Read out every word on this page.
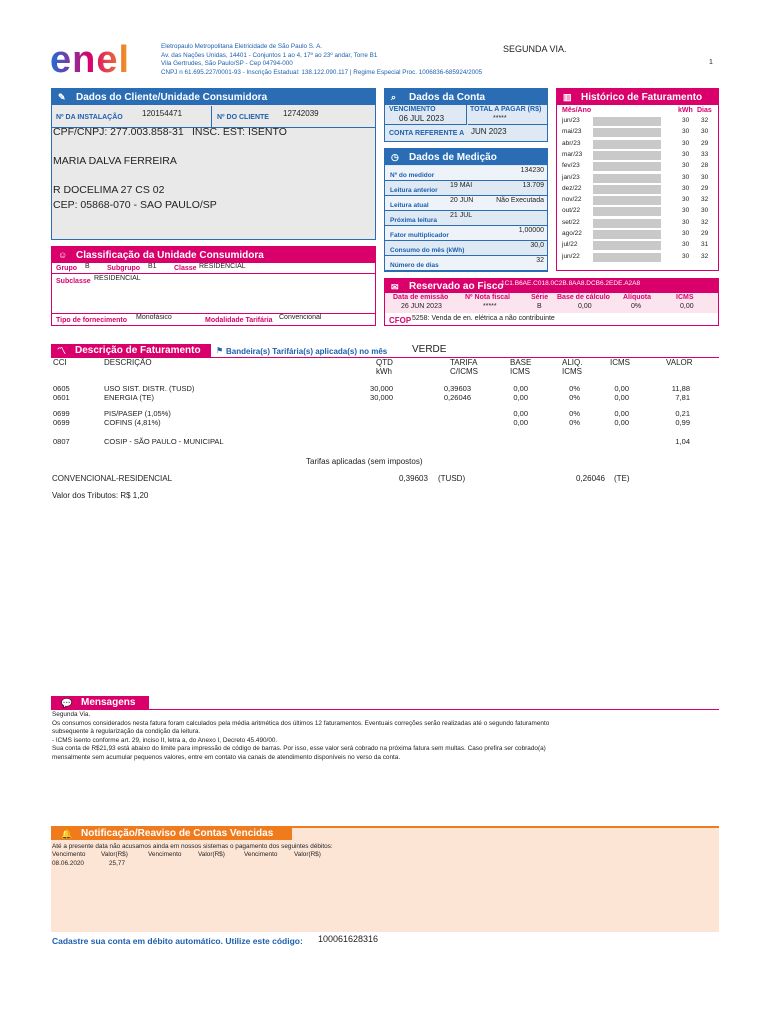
enel	Eletropaulo Metropolitana Eletricidade de São Paulo S. A.
Av. das Nações Unidas, 14401 - Conjuntos 1 ao 4, 17º ao 23º andar, Torre B1
Vila Gertrudes, São Paulo/SP - Cep 04794-000
CNPJ n 61.695.227/0001-93 - Inscrição Estadual: 138.122.090.117 | Regime Especial Proc. 1006836-685924/2005
SEGUNDA VIA.
1
✎ Dados do Cliente/Unidade Consumidora
Nº DA INSTALAÇÃO 120154471	Nº DO CLIENTE 12742039
CPF/CNPJ: 277.003.858-31 INSC. EST: ISENTO
MARIA DALVA FERREIRA
R DOCELIMA 27 CS 02
CEP: 05868-070 - SAO PAULO/SP
⌕	Dados da Conta
VENCIMENTO
06 JUL 2023
TOTAL A PAGAR (R$)
*****
CONTA REFERENTE A JUN 2023
◷ Dados de Medição
Nº do medidor
134230
Leitura anterior
19 MAI	13.709
Leitura atual
20 JUN	Não Executada
Próxima leitura
21 JUL
Fator multiplicador
1,00000
Consumo do mês (kWh)
30,0
Número de dias
32
▥ Histórico de Faturamento
Mês/Ano	kWh Dias
jun/23	30 32
mai/23	30 30
abr/23	30 29
mar/23	30 33
fev/23	30 28
jan/23	30 30
dez/22	30 29
nov/22	30 32
out/22	30 30
set/22	30 32
ago/22	30 29
jul/22	30 31
jun/22	30 32
☺ Classificação da Unidade Consumidora
Grupo B Subgrupo B1 Classe RESIDENCIAL
Subclasse RESIDENCIAL
Tipo de fornecimento Monofásico	Modalidade Tarifária Convencional
✉ Reservado ao Fisco
1C1.B6AE.C018.0C2B.8AA8.DCB6.2EDE.A2A8
Data de emissão Nº Nota fiscal	Série Base de cálculo Alíquota	ICMS
26 JUN 2023	*****	B	0,00	0%	0,00
CFOP 5258: Venda de en. elétrica a não contribuinte
〽 Descrição de Faturamento	⚑ Bandeira(s) Tarifária(s) aplicada(s) no mês VERDE
CCI	DESCRIÇÃO	QTD
kWh
TARIFA
C/ICMS
BASE
ICMS
ALIQ.
ICMS
ICMS	VALOR
0605	USO SIST. DISTR. (TUSD)	30,000	0,39603	0,00	0%	0,00	11,88
0601	ENERGIA (TE)	30,000	0,26046	0,00	0%	0,00	7,81
0699	PIS/PASEP (1,05%)	0,00	0%	0,00	0,21
0699	COFINS (4,81%)	0,00	0%	0,00	0,99
0807	COSIP - SÃO PAULO - MUNICIPAL	1,04
Tarifas aplicadas (sem impostos)
CONVENCIONAL-RESIDENCIAL	0,39603 (TUSD)	0,26046 (TE)
Valor dos Tributos: R$ 1,20
💬 Mensagens
Segunda Via.
Os consumos considerados nesta fatura foram calculados pela média aritmética dos últimos 12 faturamentos. Eventuais correções serão realizadas até o segundo faturamento
subsequente à regularização da condição da leitura.
- ICMS isento conforme art. 29, inciso II, letra a, do Anexo I, Decreto 45.490/00.
Sua conta de R$21,93 está abaixo do limite para impressão de código de barras. Por isso, esse valor será cobrado na próxima fatura sem multas. Caso prefira ser cobrado(a)
mensalmente sem acumular pequenos valores, entre em contato via canais de atendimento disponíveis no verso da conta.
🔔 Notificação/Reaviso de Contas Vencidas
Até a presente data não acusamos ainda em nossos sistemas o pagamento dos seguintes débitos:
Vencimento Valor(R$)	Vencimento	Valor(R$)	Vencimento	Valor(R$)
08.06.2020	25,77
Cadastre sua conta em débito automático. Utilize este código: 100061628316
